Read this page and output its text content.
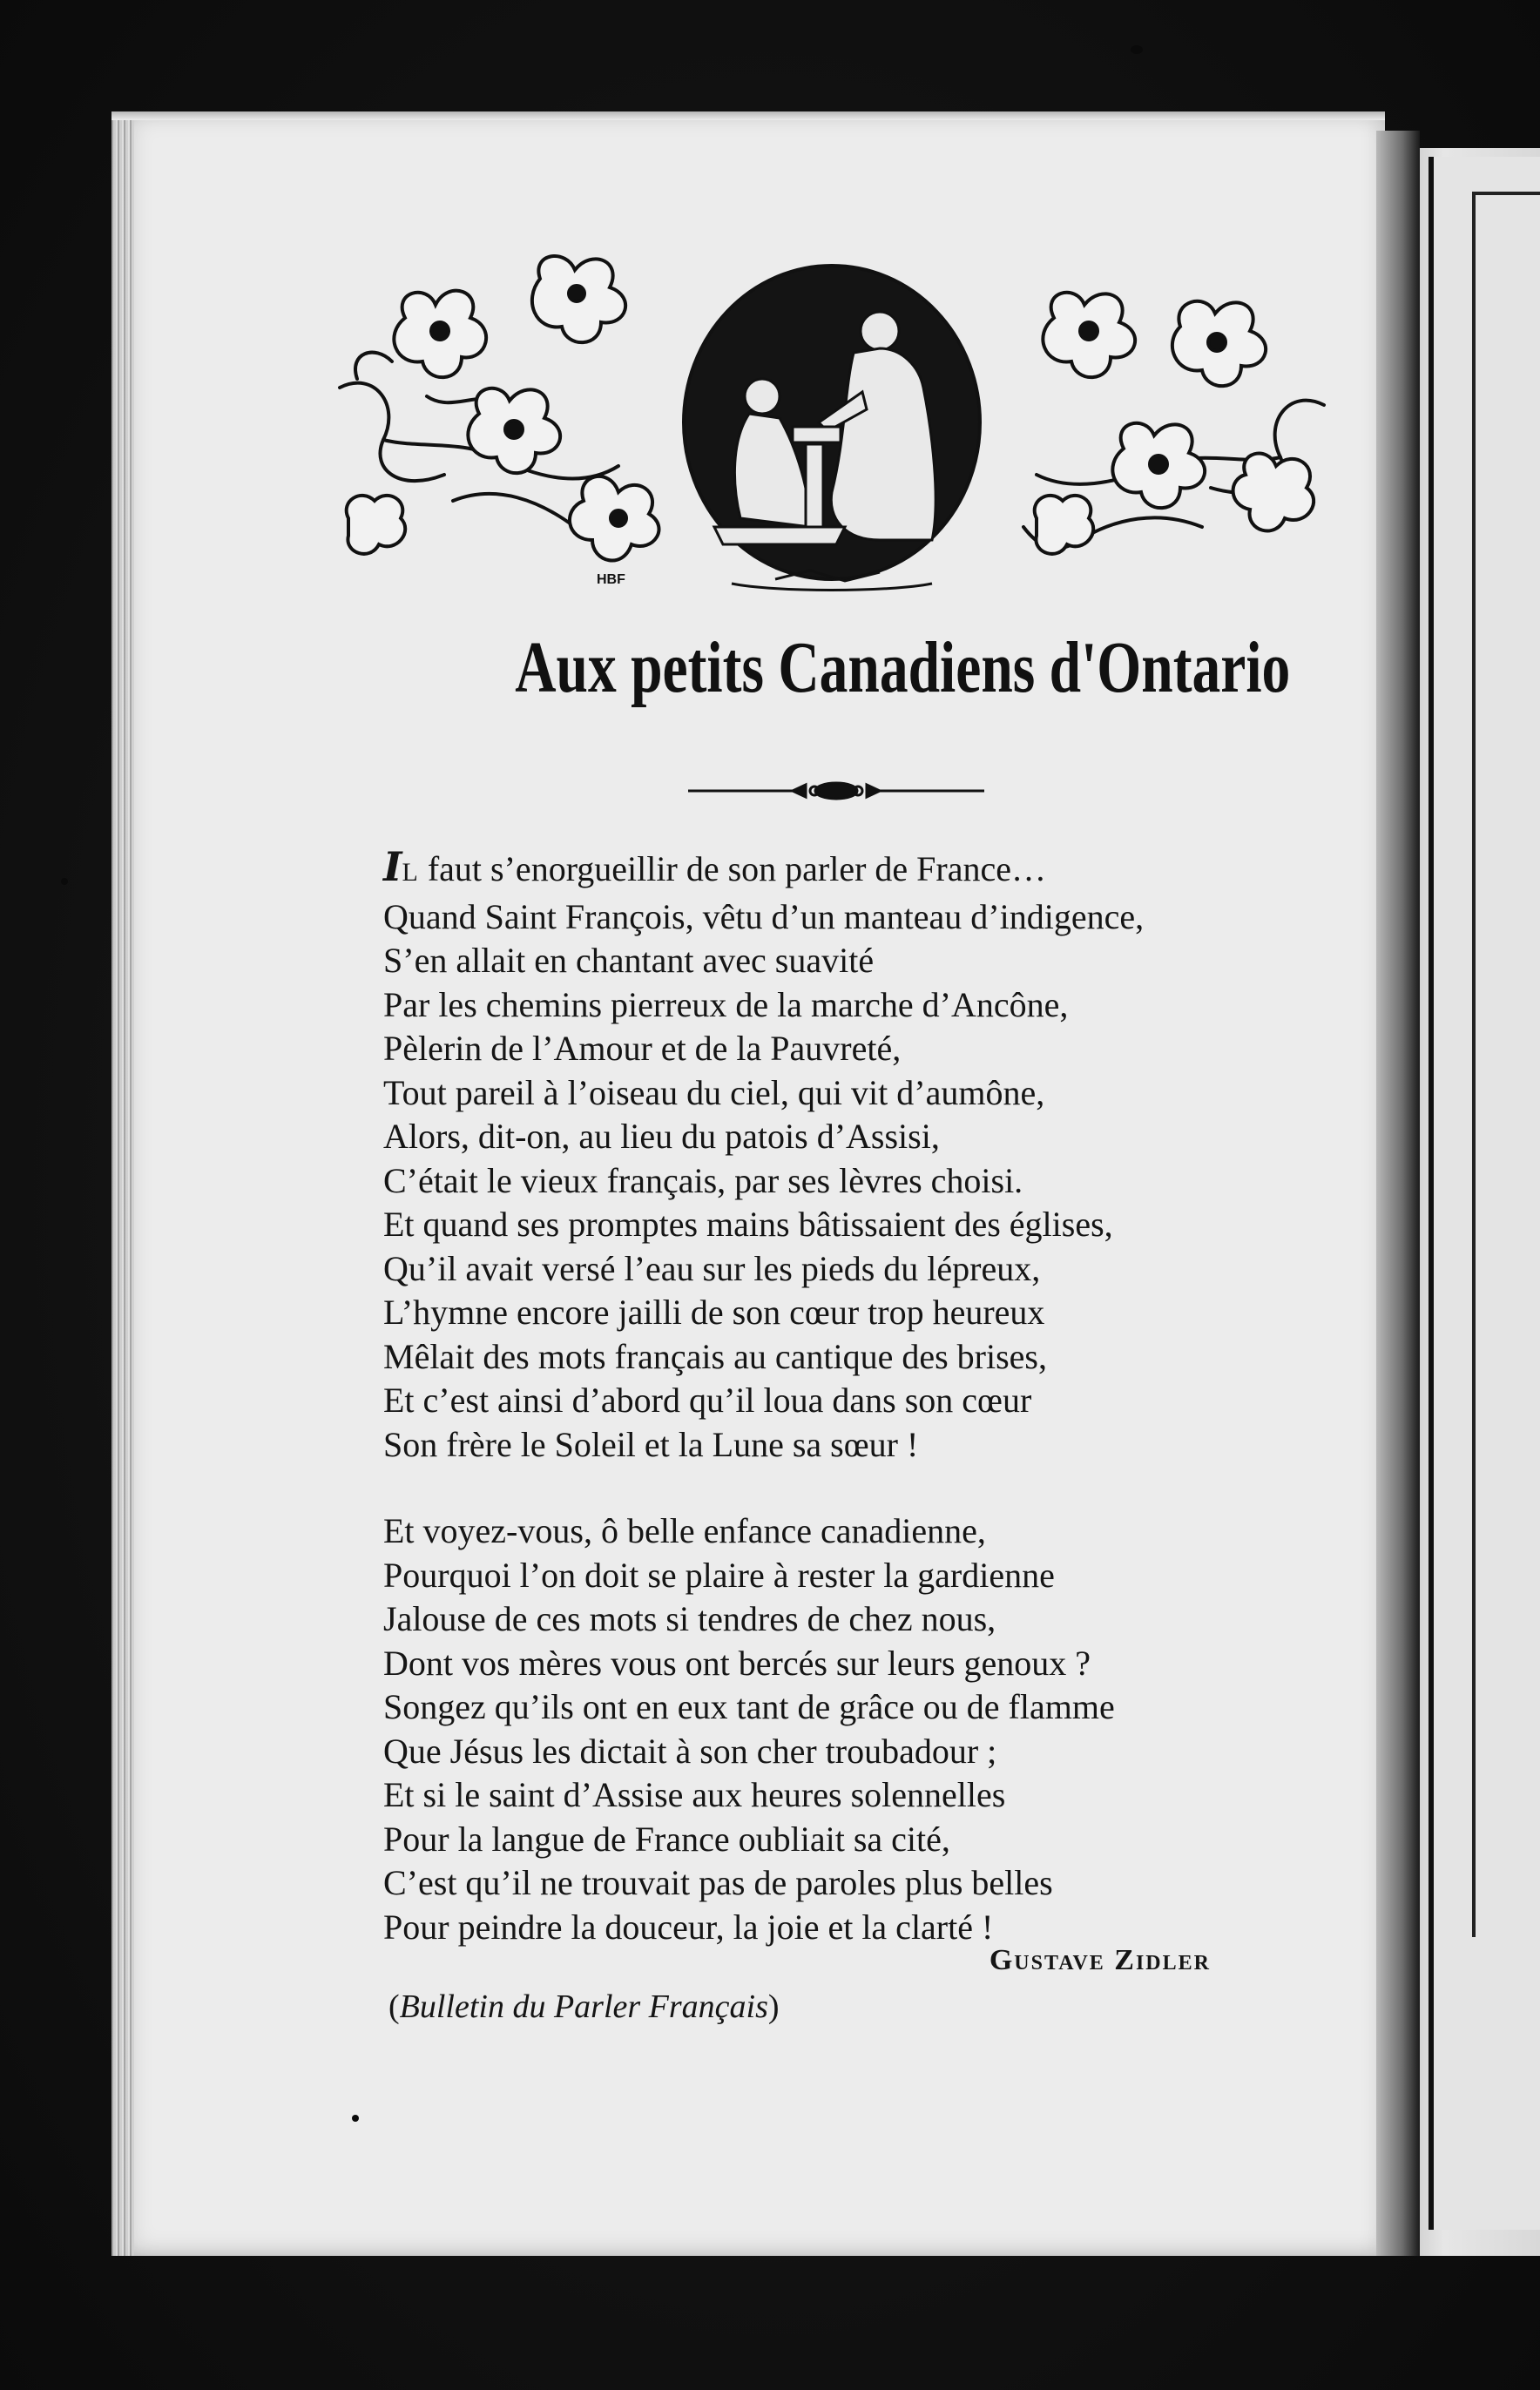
HBF
Aux petits Canadiens d'Ontario
IL faut s’enorgueillir de son parler de France…
Quand Saint François, vêtu d’un manteau d’indigence,
S’en allait en chantant avec suavité
Par les chemins pierreux de la marche d’Ancône,
Pèlerin de l’Amour et de la Pauvreté,
Tout pareil à l’oiseau du ciel, qui vit d’aumône,
Alors, dit-on, au lieu du patois d’Assisi,
C’était le vieux français, par ses lèvres choisi.
Et quand ses promptes mains bâtissaient des églises,
Qu’il avait versé l’eau sur les pieds du lépreux,
L’hymne encore jailli de son cœur trop heureux
Mêlait des mots français au cantique des brises,
Et c’est ainsi d’abord qu’il loua dans son cœur
Son frère le Soleil et la Lune sa sœur !
Et voyez-vous, ô belle enfance canadienne,
Pourquoi l’on doit se plaire à rester la gardienne
Jalouse de ces mots si tendres de chez nous,
Dont vos mères vous ont bercés sur leurs genoux ?
Songez qu’ils ont en eux tant de grâce ou de flamme
Que Jésus les dictait à son cher troubadour ;
Et si le saint d’Assise aux heures solennelles
Pour la langue de France oubliait sa cité,
C’est qu’il ne trouvait pas de paroles plus belles
Pour peindre la douceur, la joie et la clarté !
Gustave Zidler
(Bulletin du Parler Français)
